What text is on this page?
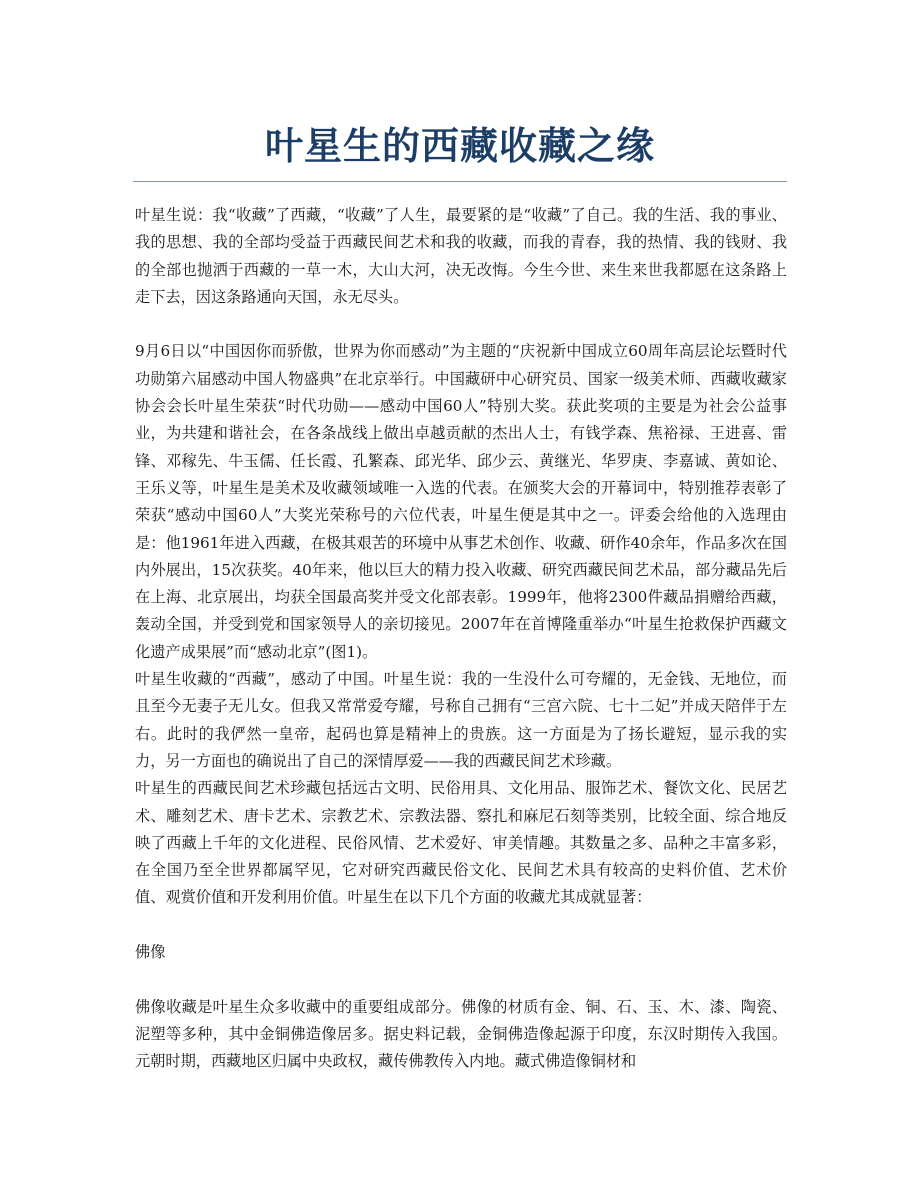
叶星生的西藏收藏之缘

叶星生说：我“收藏”了西藏，“收藏”了人生，最要紧的是“收藏”了自己。我的生活、我的事业、我的思想、我的全部均受益于西藏民间艺术和我的收藏，而我的青春，我的热情、我的钱财、我的全部也抛洒于西藏的一草一木，大山大河，决无改悔。今生今世、来生来世我都愿在这条路上走下去，因这条路通向天国，永无尽头。

9月6日以“中国因你而骄傲，世界为你而感动”为主题的“庆祝新中国成立60周年高层论坛暨时代功勋第六届感动中国人物盛典”在北京举行。中国藏研中心研究员、国家一级美术师、西藏收藏家协会会长叶星生荣获“时代功勋——感动中国60人”特别大奖。获此奖项的主要是为社会公益事业，为共建和谐社会，在各条战线上做出卓越贡献的杰出人士，有钱学森、焦裕禄、王进喜、雷锋、邓稼先、牛玉儒、任长霞、孔繁森、邱光华、邱少云、黄继光、华罗庚、李嘉诚、黄如论、王乐义等，叶星生是美术及收藏领域唯一入选的代表。在颁奖大会的开幕词中，特别推荐表彰了荣获“感动中国60人”大奖光荣称号的六位代表，叶星生便是其中之一。评委会给他的入选理由是：他1961年进入西藏，在极其艰苦的环境中从事艺术创作、收藏、研作40余年，作品多次在国内外展出，15次获奖。40年来，他以巨大的精力投入收藏、研究西藏民间艺术品，部分藏品先后在上海、北京展出，均获全国最高奖并受文化部表彰。1999年，他将2300件藏品捐赠给西藏，轰动全国，并受到党和国家领导人的亲切接见。2007年在首博隆重举办“叶星生抢救保护西藏文化遗产成果展”而“感动北京”(图1)。

叶星生收藏的“西藏”，感动了中国。叶星生说：我的一生没什么可夸耀的，无金钱、无地位，而且至今无妻子无儿女。但我又常常爱夸耀，号称自己拥有“三宫六院、七十二妃”并成天陪伴于左右。此时的我俨然一皇帝，起码也算是精神上的贵族。这一方面是为了扬长避短，显示我的实力，另一方面也的确说出了自己的深情厚爱——我的西藏民间艺术珍藏。

叶星生的西藏民间艺术珍藏包括远古文明、民俗用具、文化用品、服饰艺术、餐饮文化、民居艺术、雕刻艺术、唐卡艺术、宗教艺术、宗教法器、察扎和麻尼石刻等类别，比较全面、综合地反映了西藏上千年的文化进程、民俗风情、艺术爱好、审美情趣。其数量之多、品种之丰富多彩，在全国乃至全世界都属罕见，它对研究西藏民俗文化、民间艺术具有较高的史料价值、艺术价值、观赏价值和开发利用价值。叶星生在以下几个方面的收藏尤其成就显著：

佛像

佛像收藏是叶星生众多收藏中的重要组成部分。佛像的材质有金、铜、石、玉、木、漆、陶瓷、泥塑等多种，其中金铜佛造像居多。据史料记载，金铜佛造像起源于印度，东汉时期传入我国。元朝时期，西藏地区归属中央政权，藏传佛教传入内地。藏式佛造像铜材和
